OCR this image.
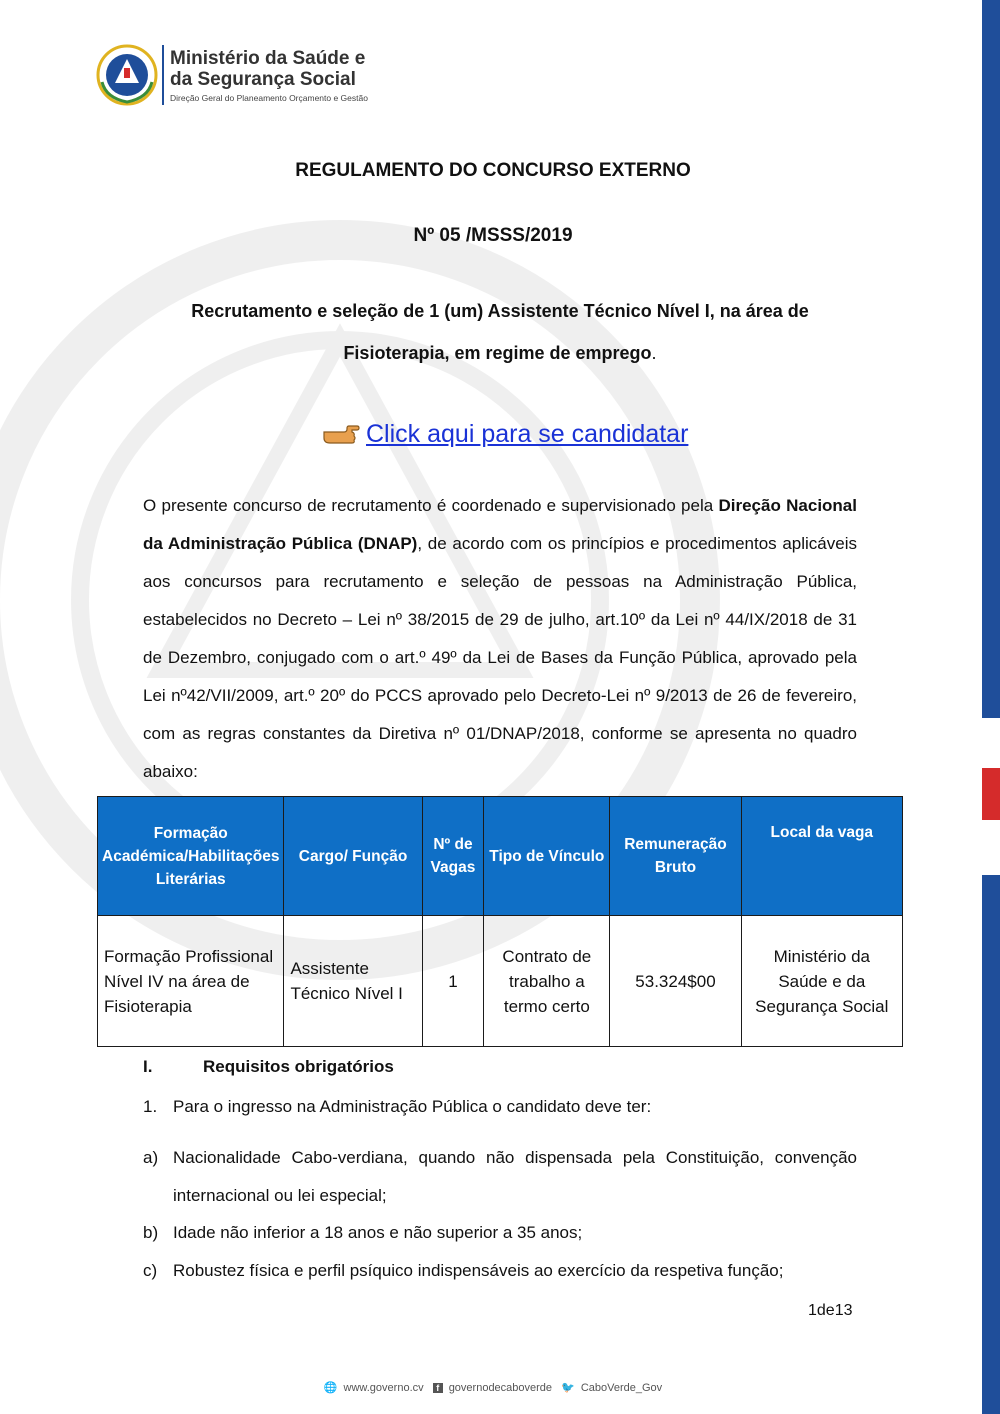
Ministério da Saúde e
da Segurança Social
Direção Geral do Planeamento Orçamento e Gestão
REGULAMENTO DO CONCURSO EXTERNO
Nº 05 /MSSS/2019
Recrutamento e seleção de 1 (um) Assistente Técnico Nível I, na área de
Fisioterapia, em regime de emprego.
Click aqui para se candidatar
O presente concurso de recrutamento é coordenado e supervisionado pela Direção Nacional da Administração Pública (DNAP), de acordo com os princípios e procedimentos aplicáveis aos concursos para recrutamento e seleção de pessoas na Administração Pública, estabelecidos no Decreto – Lei nº 38/2015 de 29 de julho, art.10º da Lei nº 44/IX/2018 de 31 de Dezembro, conjugado com o art.º 49º da Lei de Bases da Função Pública, aprovado pela Lei nº42/VII/2009, art.º 20º do PCCS aprovado pelo Decreto-Lei nº 9/2013 de 26 de fevereiro, com as regras constantes da Diretiva nº 01/DNAP/2018, conforme se apresenta no quadro abaixo:
Formação Académica/Habilitações Literárias	Cargo/ Função	Nº de Vagas	Tipo de Vínculo	Remuneração Bruto	Local da vaga
Formação Profissional Nível IV na área de Fisioterapia	Assistente Técnico Nível I	1	Contrato de trabalho a termo certo	53.324$00	Ministério da Saúde e da Segurança Social
I.	Requisitos obrigatórios
1. Para o ingresso na Administração Pública o candidato deve ter:
a) Nacionalidade Cabo-verdiana, quando não dispensada pela Constituição, convenção internacional ou lei especial;
b) Idade não inferior a 18 anos e não superior a 35 anos;
c) Robustez física e perfil psíquico indispensáveis ao exercício da respetiva função;
1de13
🌐 www.governo.cv f governodecaboverde 🐦 CaboVerde_Gov
